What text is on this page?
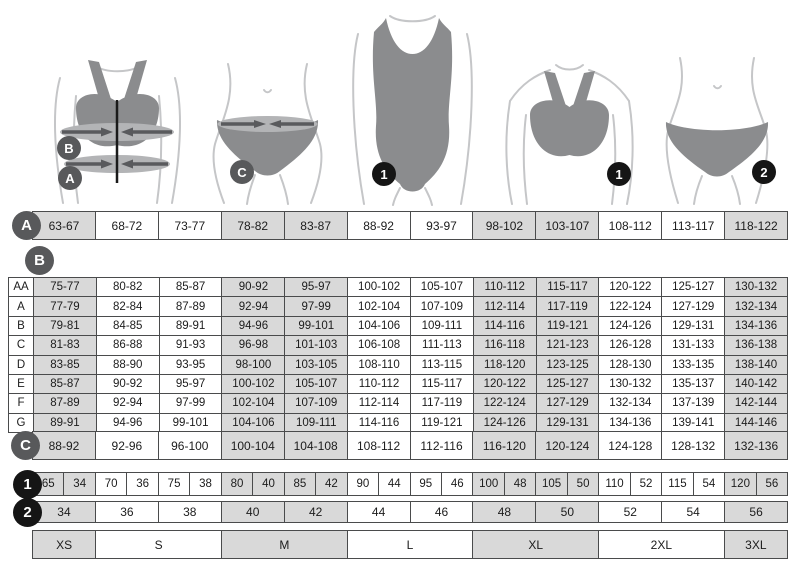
B
A	C	1	1	2
A
B
C
1
2
63-67	68-72	73-77	78-82	83-87	88-92	93-97	98-102	103-107	108-112	113-117	118-122
AA	75-77	80-82	85-87	90-92	95-97	100-102	105-107	110-112	115-117	120-122	125-127	130-132
A	77-79	82-84	87-89	92-94	97-99	102-104	107-109	112-114	117-119	122-124	127-129	132-134
B	79-81	84-85	89-91	94-96	99-101	104-106	109-111	114-116	119-121	124-126	129-131	134-136
C	81-83	86-88	91-93	96-98	101-103	106-108	111-113	116-118	121-123	126-128	131-133	136-138
D	83-85	88-90	93-95	98-100	103-105	108-110	113-115	118-120	123-125	128-130	133-135	138-140
E	85-87	90-92	95-97	100-102	105-107	110-112	115-117	120-122	125-127	130-132	135-137	140-142
F	87-89	92-94	97-99	102-104	107-109	112-114	117-119	122-124	127-129	132-134	137-139	142-144
G	89-91	94-96	99-101	104-106	109-111	114-116	119-121	124-126	129-131	134-136	139-141	144-146
88-92	92-96	96-100	100-104	104-108	108-112	112-116	116-120	120-124	124-128	128-132	132-136
65	34	70	36	75	38	80	40	85	42	90	44	95	46	100	48	105	50	110	52	115	54	120	56
34	36	38	40	42	44	46	48	50	52	54	56
XS	S	M	L	XL	2XL	3XL
